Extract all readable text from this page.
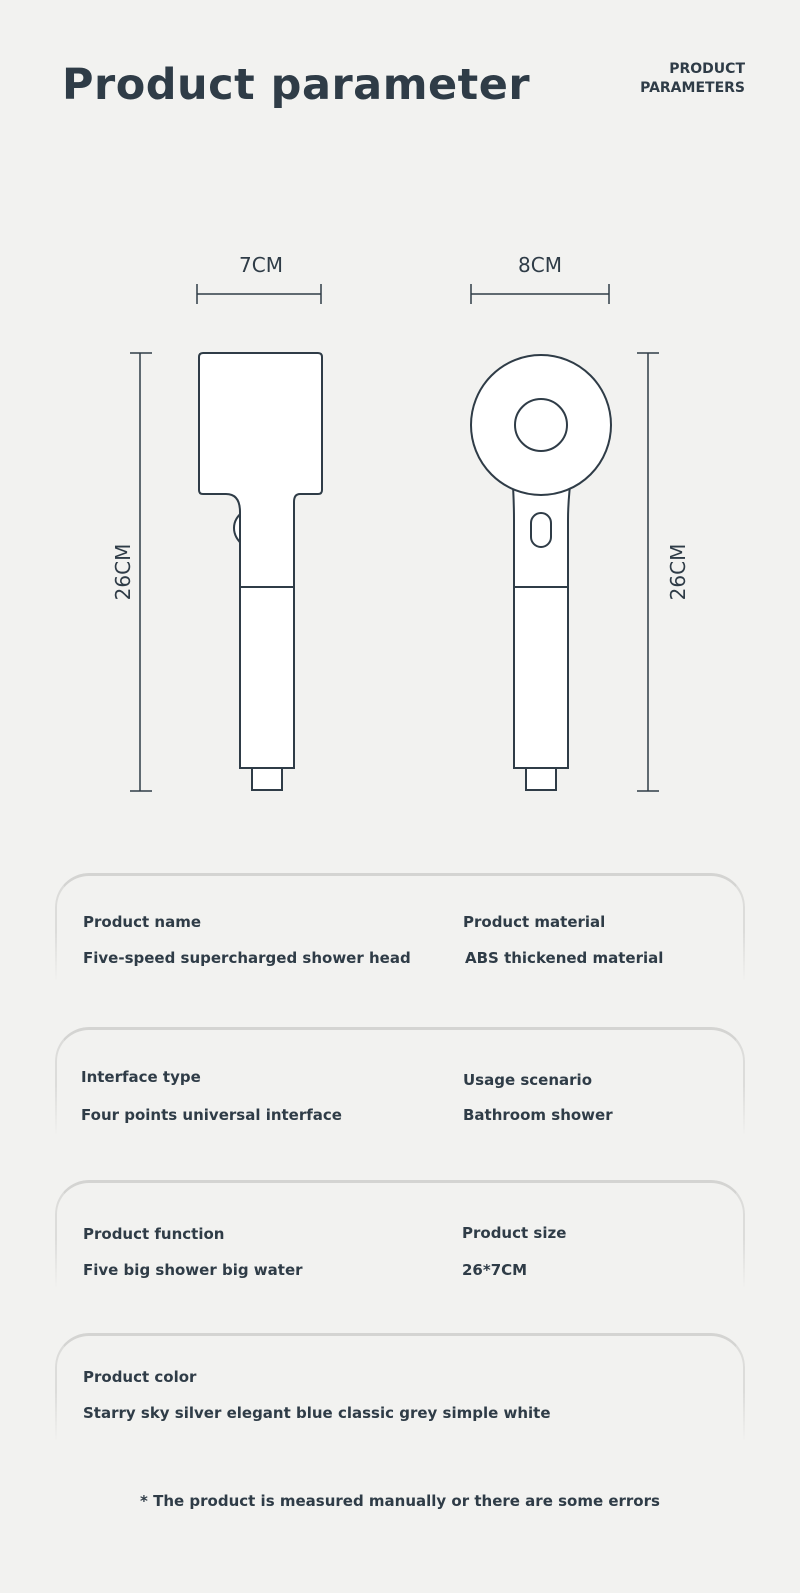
Product parameter	PRODUCT
PARAMETERS
7CM	8CM
26CM	26CM
Product name
Five-speed supercharged shower head
Product material
ABS thickened material
Interface type
Four points universal interface
Usage scenario
Bathroom shower
Product function
Five big shower big water
Product size
26*7CM
Product color
Starry sky silver elegant blue classic grey simple white
* The product is measured manually or there are some errors
